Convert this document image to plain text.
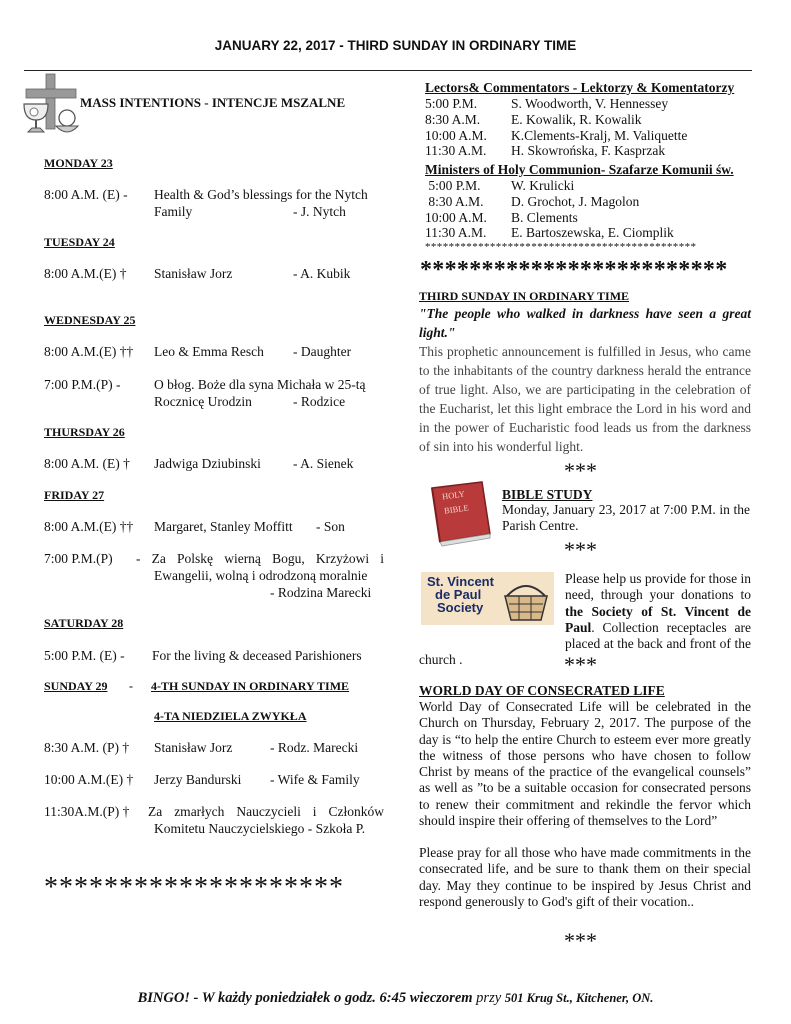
JANUARY 22, 2017 - THIRD SUNDAY IN ORDINARY TIME
MASS INTENTIONS - INTENCJE MSZALNE
MONDAY 23
8:00 A.M. (E) - Health & God’s blessings for the Nytch
Family	- J. Nytch
TUESDAY 24
8:00 A.M.(E) † Stanisław Jorz	- A. Kubik
WEDNESDAY 25
8:00 A.M.(E) †† Leo & Emma Resch - Daughter
7:00 P.M.(P) - O błog. Boże dla syna Michała w 25-tą
Rocznicę Urodzin	- Rodzice
THURSDAY 26
8:00 A.M. (E) † Jadwiga Dziubinski - A. Sienek
FRIDAY 27
8:00 A.M.(E) †† Margaret, Stanley Moffitt - Son
7:00 P.M.(P) - Za Polskę wierną Bogu, Krzyżowi i
Ewangelii, wolną i odrodzoną moralnie
- Rodzina Marecki
SATURDAY 28
5:00 P.M. (E) - For the living & deceased Parishioners
SUNDAY 29 - 4-TH SUNDAY IN ORDINARY TIME
4-TA NIEDZIELA ZWYKŁA
8:30 A.M. (P) † Stanisław Jorz	- Rodz. Marecki
10:00 A.M.(E) † Jerzy Bandurski - Wife & Family
11:30A.M.(P) † Za zmarłych Nauczycieli i Członków
Komitetu Nauczycielskiego - Szkoła P.
********************
Lectors& Commentators - Lektorzy & Komentatorzy
5:00 P.M.	S. Woodworth, V. Hennessey
8:30 A.M. E. Kowalik, R. Kowalik
10:00 A.M. K.Clements-Kralj, M. Valiquette
11:30 A.M. H. Skowrońska, F. Kasprzak
Ministers of Holy Communion- Szafarze Komunii św.
5:00 P.M. W. Krulicki
8:30 A.M. D. Grochot, J. Magolon
10:00 A.M. B. Clements
11:30 A.M. E. Bartoszewska, E. Ciomplik
**********************************************
*************************
THIRD SUNDAY IN ORDINARY TIME
"The people who walked in darkness have seen a great light."
This prophetic announcement is fulfilled in Jesus, who came to the inhabitants of the country darkness herald the entrance of true light. Also, we are participating in the celebration of the Eucharist, let this light embrace the Lord in his word and in the power of Eucharistic food leads us from the darkness of sin into his wonderful light.
***
HOLY
BIBLE
BIBLE STUDY
Monday, January 23, 2017 at 7:00 P.M. in the Parish Centre.
***
St. Vincent
de Paul
Society
Please help us provide for those in need, through your donations to the Society of St. Vincent de Paul. Collection receptacles are placed at the back and front of the church .	***
WORLD DAY OF CONSECRATED LIFE
World Day of Consecrated Life will be celebrated in the Church on Thursday, February 2, 2017. The purpose of the day is “to help the entire Church to esteem ever more greatly the witness of those persons who have chosen to follow Christ by means of the practice of the evangelical counsels” as well as ”to be a suitable occasion for consecrated persons to renew their commitment and rekindle the fervor which should inspire their offering of themselves to the Lord”
Please pray for all those who have made commitments in the consecrated life, and be sure to thank them on their special day. May they continue to be inspired by Jesus Christ and respond generously to God's gift of their vocation..
***
BINGO! - W każdy poniedziałek o godz. 6:45 wieczorem przy 501 Krug St., Kitchener, ON.
